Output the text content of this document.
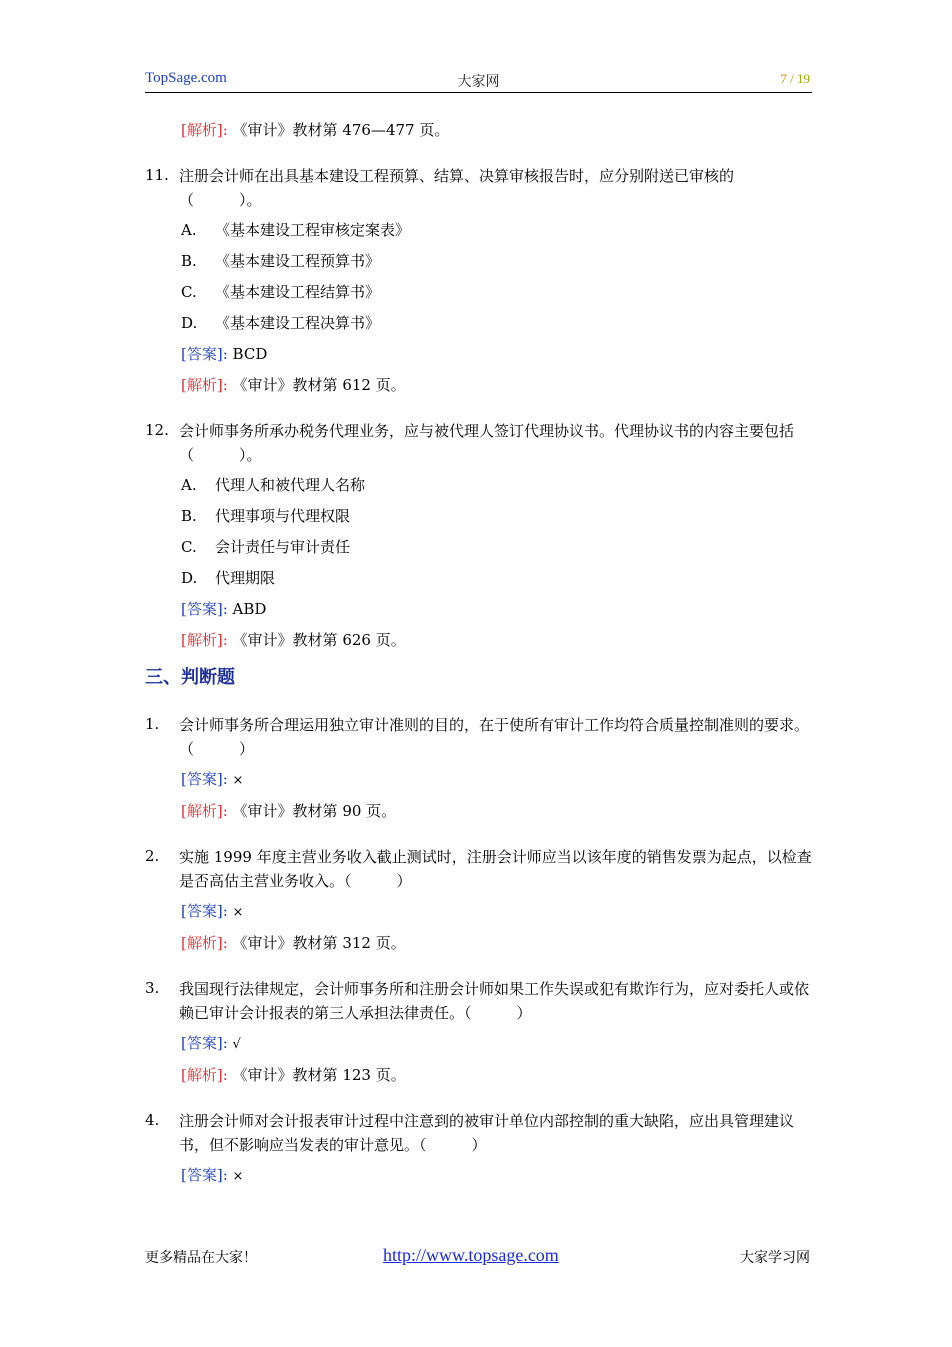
TopSage.com	大家网	7 / 19
[解析]: 《审计》教材第 476—477 页。
11. 注册会计师在出具基本建设工程预算、结算、决算审核报告时，应分别附送已审核的（　　　）。
A. 《基本建设工程审核定案表》
B. 《基本建设工程预算书》
C. 《基本建设工程结算书》
D. 《基本建设工程决算书》
[答案]: BCD
[解析]: 《审计》教材第 612 页。
12. 会计师事务所承办税务代理业务，应与被代理人签订代理协议书。代理协议书的内容主要包括（　　　）。
A. 代理人和被代理人名称
B. 代理事项与代理权限
C. 会计责任与审计责任
D. 代理期限
[答案]: ABD
[解析]: 《审计》教材第 626 页。
三、判断题
1.	会计师事务所合理运用独立审计准则的目的，在于使所有审计工作均符合质量控制准则的要求。（　　　）
[答案]: ×
[解析]: 《审计》教材第 90 页。
2.	实施 1999 年度主营业务收入截止测试时，注册会计师应当以该年度的销售发票为起点，以检查是否高估主营业务收入。（　　　）
[答案]: ×
[解析]: 《审计》教材第 312 页。
3.	我国现行法律规定，会计师事务所和注册会计师如果工作失误或犯有欺诈行为，应对委托人或依赖已审计会计报表的第三人承担法律责任。（　　　）
[答案]: √
[解析]: 《审计》教材第 123 页。
4.	注册会计师对会计报表审计过程中注意到的被审计单位内部控制的重大缺陷，应出具管理建议书，但不影响应当发表的审计意见。（　　　）
[答案]: ×
更多精品在大家！	http://www.topsage.com	大家学习网
